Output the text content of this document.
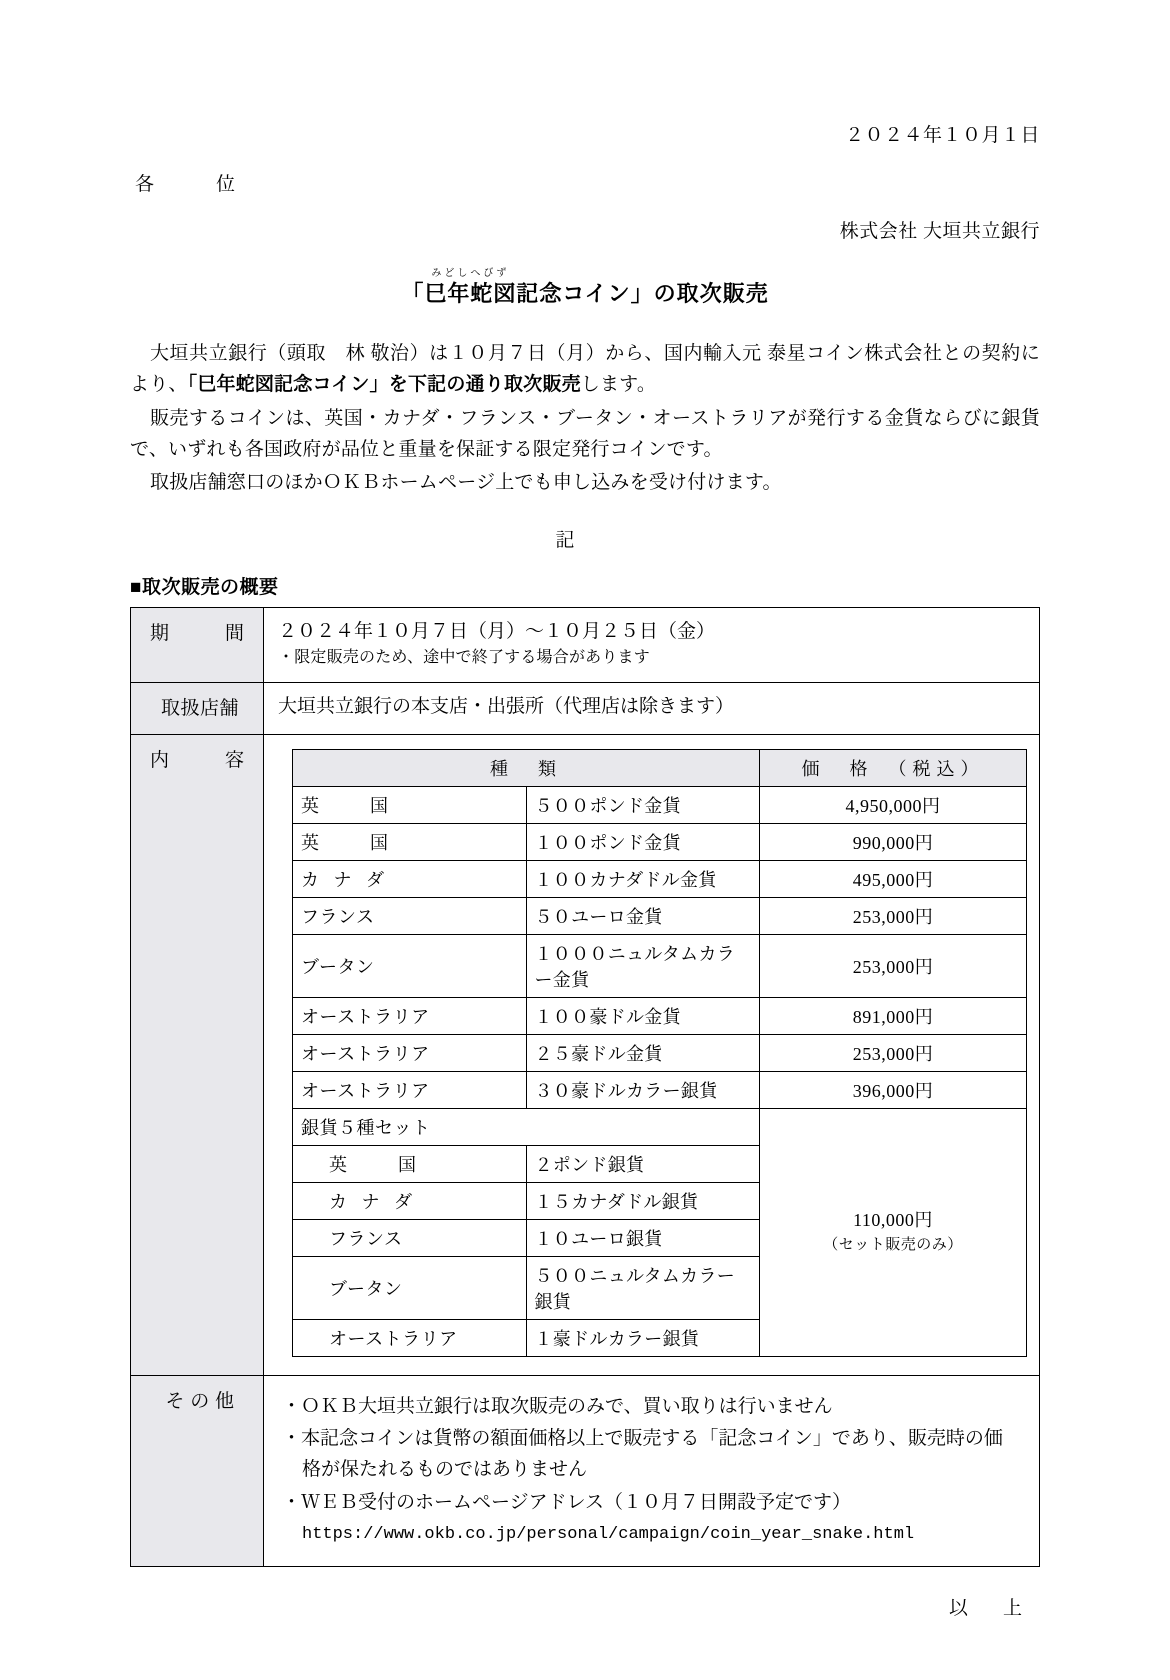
２０２４年１０月１日
各　　位
株式会社 大垣共立銀行
「
みどしへびず
巳年蛇図記念コイン」の取次販売

大垣共立銀行（頭取　林 敬治）は１０月７日（月）から、国内輸入元 泰星コイン株式会社との契約により、「巳年蛇図記念コイン」を下記の通り取次販売します。

販売するコインは、英国・カナダ・フランス・ブータン・オーストラリアが発行する金貨ならびに銀貨で、いずれも各国政府が品位と重量を保証する限定発行コインです。

取扱店舗窓口のほかＯＫＢホームページ上でも申し込みを受け付けます。

記
■取次販売の概要
期　　間	２０２４年１０月７日（月）～１０月２５日（金）
・限定販売のため、途中で終了する場合があります

取扱店舗	大垣共立銀行の本支店・出張所（代理店は除きます）
内　　容		種　類	価　格　（税込）
英　　国	５００ポンド金貨	4,950,000円
英　　国	１００ポンド金貨	990,000円
カ ナ ダ	１００カナダドル金貨	495,000円
フランス	５０ユーロ金貨	253,000円
ブータン	１０００ニュルタムカラー金貨	253,000円
オーストラリア	１００豪ドル金貨	891,000円
オーストラリア	２５豪ドル金貨	253,000円
オーストラリア	３０豪ドルカラー銀貨	396,000円
銀貨５種セット	
110,000円
（セット販売のみ）

英　　国	２ポンド銀貨
カ ナ ダ	１５カナダドル銀貨
フランス	１０ユーロ銀貨
ブータン	５００ニュルタムカラー銀貨
オーストラリア	１豪ドルカラー銀貨

そ の 他	・ＯＫＢ大垣共立銀行は取次販売のみで、買い取りは行いません
・本記念コインは貨幣の額面価格以上で販売する「記念コイン」であり、販売時の価格が保たれるものではありません
・ＷＥＢ受付のホームページアドレス（１０月７日開設予定です）
https://www.okb.co.jp/personal/campaign/coin_year_snake.html
以　上
